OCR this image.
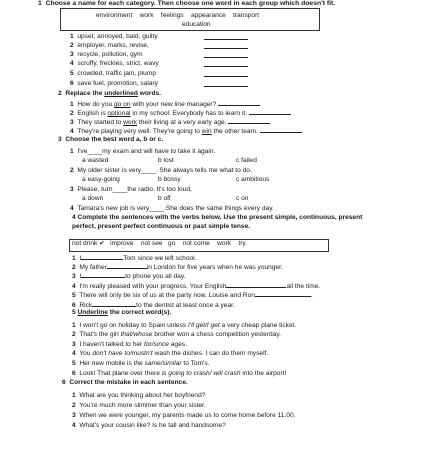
1 Choose a name for each category. Then choose one word in each group which doesn't fit.
environment work feelings appearance transport
education
1 upset, annoyed, bald, guilty
2 employer, marks, revise,
3 recycle, pollution, gym
4 scruffy, freckles, strict, wavy
5 crowded, traffic jam, plump
6 save fuel, promotion, salary
2 Replace the underlined words.
1 How do you go on with your new line manager?
2 English is optional in my school. Everybody has to learn it.
3 They started to work their living at a very early age.
4 They're playing very well. They're going to win the other team.
3 Choose the best word a, b or c.
1 I've____my exam and will have to take it again.
a wasted	b lost	c failed
2 My older sister is very____. She always tells me what to do.
a easy-going	b bossy	c ambitious
3 Please, turn____the radio. It's too loud,
a down	b off	c on
4 Tamara's new job is very____.She does the same things every day.
4 Complete the sentences with the verbs below. Use the present simple, continuous, present
perfect, present perfect continuous or past simple tense.
not drink ✔   improve    not see   go    not come    work    try.
1 I	Tom since we left school.
2 My father	in London for five years when he was younger.
3 I	to phone you all day.
4 I'm really pleased with your progress. Your English	all the time.
5 There will only be six of us at the party now. Louise and Ron	.
6 Rick	to the dentist at least once a year.
5 Underline the correct word(s).
1 I won't go on holiday to Spain unless I'll get/I get a very cheap plane ticket.
2 That's the girl that/whose brother won a chess competition yesterday.
3 I haven't talked to her for/since ages.
4 You don't have to/mustn't wash the dishes. I can do them myself.
5 Her new mobile is the same/similar to Tom's.
6 Look! That plane over there is going to crash/ will crash into the airport!
6 Correct the mistake in each sentence.
1 What are you thinking about her boyfriend?
2 You're much more slimmer than your sister.
3 When we were younger, my parents made us to come home before 11.00.
4 What's your cousin like? Is he tall and handsome?
